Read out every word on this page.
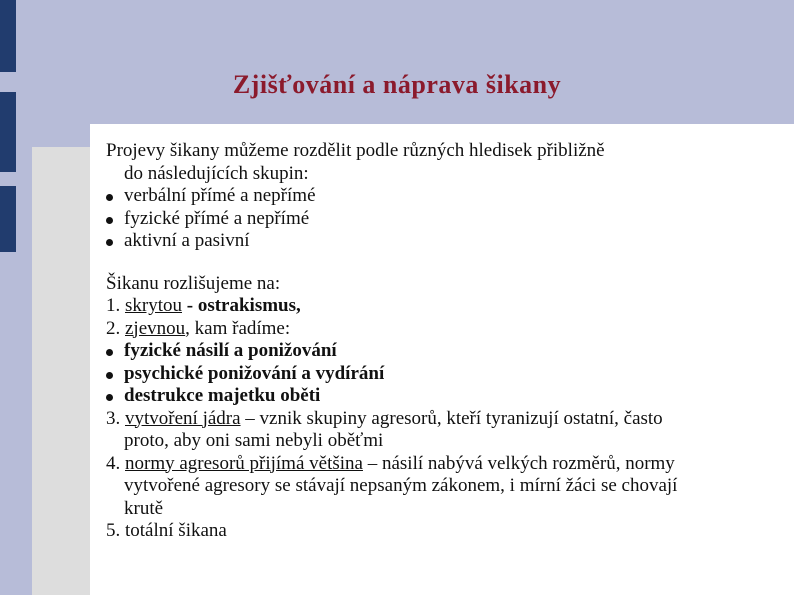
Zjišťování a náprava šikany
Projevy šikany můžeme rozdělit podle různých hledisek přibližně
do následujících skupin:
verbální přímé a nepřímé
fyzické přímé a nepřímé
aktivní a pasivní
Šikanu rozlišujeme na:
1. skrytou - ostrakismus,
2. zjevnou, kam řadíme:
fyzické násilí a ponižování
psychické ponižování a vydírání
destrukce majetku oběti
3. vytvoření jádra – vznik skupiny agresorů, kteří tyranizují ostatní, často
proto, aby oni sami nebyli oběťmi
4. normy agresorů přijímá většina – násilí nabývá velkých rozměrů, normy
vytvořené agresory se stávají nepsaným zákonem, i mírní žáci se chovají
krutě
5. totální šikana
